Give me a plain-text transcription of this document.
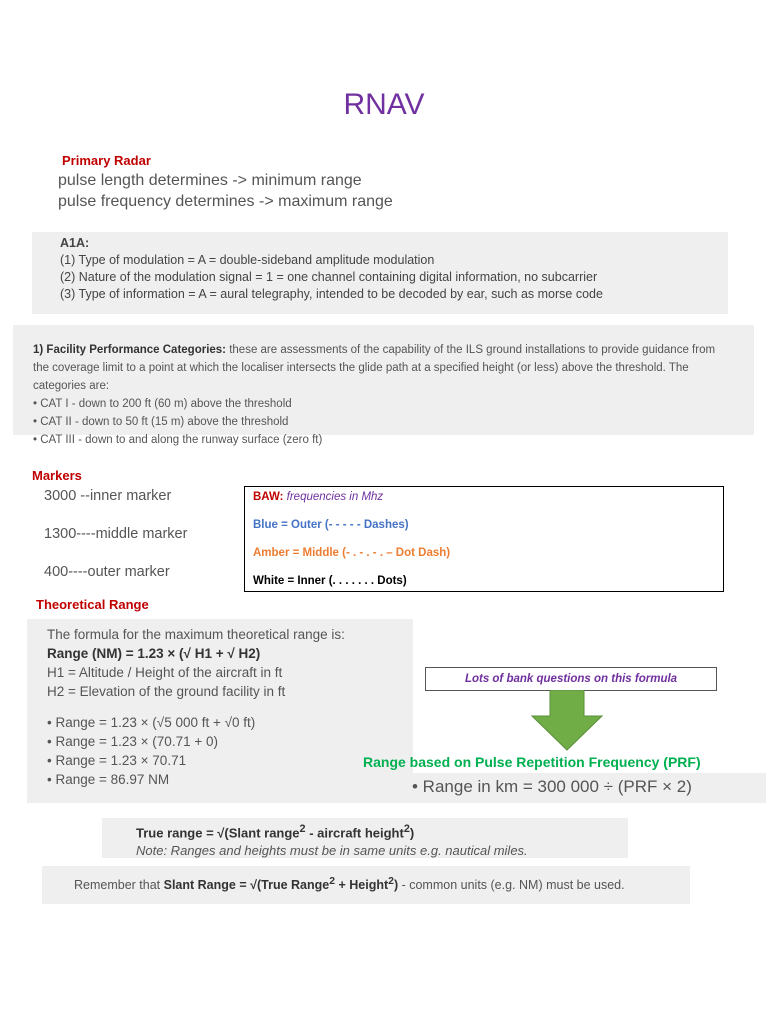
RNAV
Primary Radar
pulse length determines -> minimum range
pulse frequency determines -> maximum range
A1A:
(1) Type of modulation = A = double-sideband amplitude modulation
(2) Nature of the modulation signal = 1 = one channel containing digital information, no subcarrier
(3) Type of information = A = aural telegraphy, intended to be decoded by ear, such as morse code
1) Facility Performance Categories: these are assessments of the capability of the ILS ground installations to provide guidance from the coverage limit to a point at which the localiser intersects the glide path at a specified height (or less) above the threshold. The categories are:
• CAT I - down to 200 ft (60 m) above the threshold
• CAT II - down to 50 ft (15 m) above the threshold
• CAT III - down to and along the runway surface (zero ft)
Markers
3000 --inner marker
1300----middle marker
400----outer marker
BAW: frequencies in Mhz
Blue = Outer (- - - - - Dashes)
Amber = Middle (- . - . - . – Dot Dash)
White = Inner (. . . . . . . Dots)
Theoretical Range
The formula for the maximum theoretical range is:
Range (NM) = 1.23 × (√ H1 + √ H2)
H1 = Altitude / Height of the aircraft in ft
H2 = Elevation of the ground facility in ft
• Range = 1.23 × (√5 000 ft + √0 ft)
• Range = 1.23 × (70.71 + 0)
• Range = 1.23 × 70.71
• Range = 86.97 NM
Lots of bank questions on this formula
Range based on Pulse Repetition Frequency (PRF)
• Range in km = 300 000 ÷ (PRF × 2)
True range = √(Slant range$^2$ - aircraft height$^2$)
Note: Ranges and heights must be in same units e.g. nautical miles.
Remember that Slant Range = √(True Range$^2$ + Height$^2$) - common units (e.g. NM) must be used.
